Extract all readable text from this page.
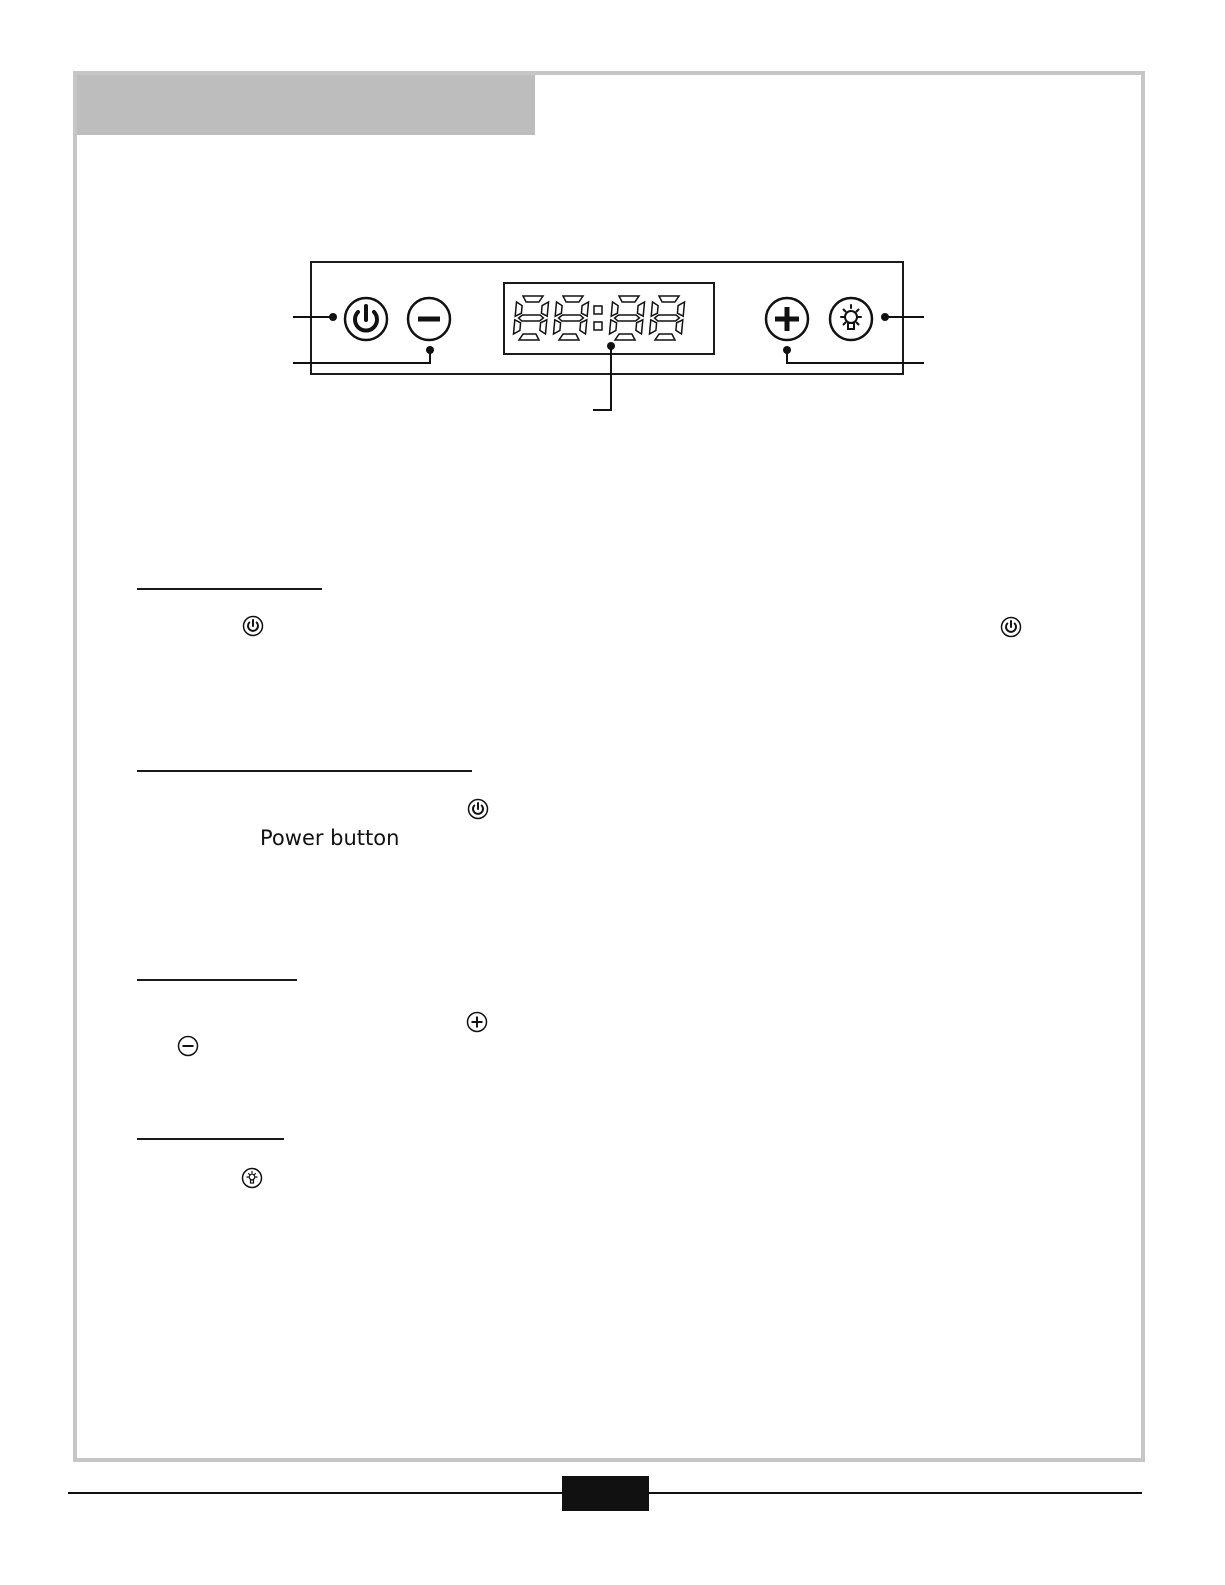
Power button
